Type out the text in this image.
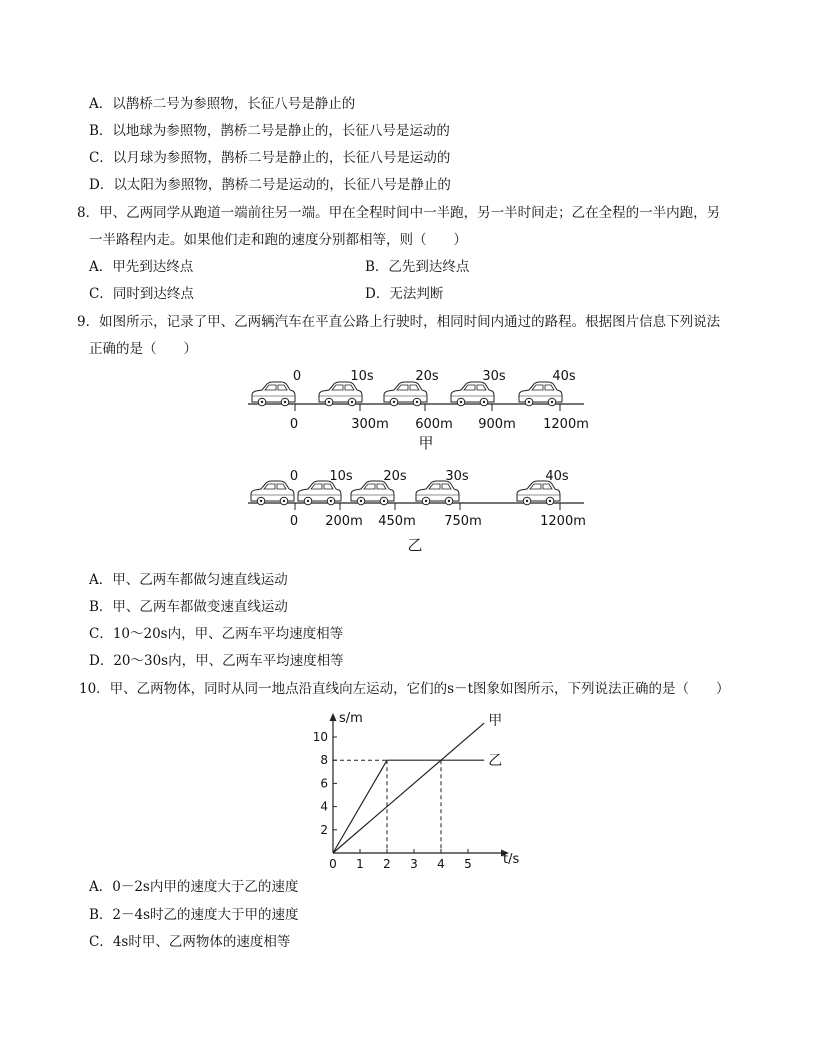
A．以鹊桥二号为参照物，长征八号是静止的
B．以地球为参照物，鹊桥二号是静止的，长征八号是运动的
C．以月球为参照物，鹊桥二号是静止的，长征八号是运动的
D．以太阳为参照物，鹊桥二号是运动的，长征八号是静止的
8．甲、乙两同学从跑道一端前往另一端。甲在全程时间中一半跑，另一半时间走；乙在全程的一半内跑，另
一半路程内走。如果他们走和跑的速度分别都相等，则（　　）
A．甲先到达终点	B．乙先到达终点
C．同时到达终点	D．无法判断
9．如图所示，记录了甲、乙两辆汽车在平直公路上行驶时，相同时间内通过的路程。根据图片信息下列说法
正确的是（　　）
0	10s	20s	30s	40s
0	300m 600m 900m 1200m
甲
0 10s 20s	30s	40s
0 200m 450m 750m	1200m
乙
A．甲、乙两车都做匀速直线运动
B．甲、乙两车都做变速直线运动
C．10～20s内，甲、乙两车平均速度相等
D．20～30s内，甲、乙两车平均速度相等
10．甲、乙两物体，同时从同一地点沿直线向左运动，它们的s－t图象如图所示，下列说法正确的是（　　）
s/m
t/s
0 1 2 3 4 5
2
4
6
8
10
甲
乙
A．0－2s内甲的速度大于乙的速度
B．2－4s时乙的速度大于甲的速度
C．4s时甲、乙两物体的速度相等
